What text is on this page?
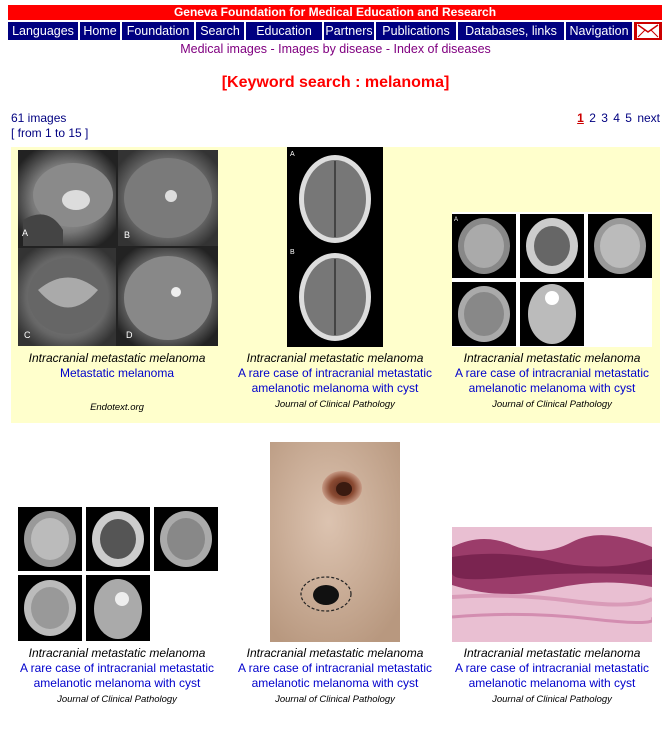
Geneva Foundation for Medical Education and Research
Languages Home Foundation Search	Education	Partners Publications	Databases, links	Navigation
Medical images - Images by disease - Index of diseases
[Keyword search : melanoma]
61 images
[ from 1 to 15 ]
1 2 3 4 5 next
A	B
C	D
A
B
A
Intracranial metastatic melanoma
Metastatic melanoma
Endotext.org
Intracranial metastatic melanoma
A rare case of intracranial metastatic amelanotic melanoma with cyst
Journal of Clinical Pathology
Intracranial metastatic melanoma
A rare case of intracranial metastatic amelanotic melanoma with cyst
Journal of Clinical Pathology
Intracranial metastatic melanoma
A rare case of intracranial metastatic amelanotic melanoma with cyst
Journal of Clinical Pathology
Intracranial metastatic melanoma
A rare case of intracranial metastatic amelanotic melanoma with cyst
Journal of Clinical Pathology
Intracranial metastatic melanoma
A rare case of intracranial metastatic amelanotic melanoma with cyst
Journal of Clinical Pathology
